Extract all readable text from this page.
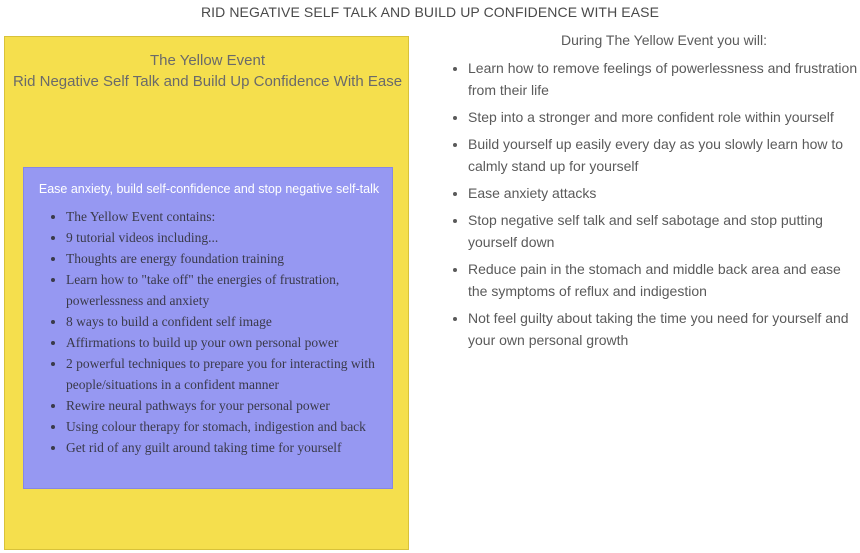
RID NEGATIVE SELF TALK AND BUILD UP CONFIDENCE WITH EASE
The Yellow Event
Rid Negative Self Talk and Build Up Confidence With Ease
Ease anxiety, build self-confidence and stop negative self-talk
• The Yellow Event contains:
• 9 tutorial videos including...
• Thoughts are energy foundation training
• Learn how to "take off" the energies of frustration, powerlessness and anxiety
• 8 ways to build a confident self image
• Affirmations to build up your own personal power
• 2 powerful techniques to prepare you for interacting with people/situations in a confident manner
• Rewire neural pathways for your personal power
• Using colour therapy for stomach, indigestion and back
• Get rid of any guilt around taking time for yourself
During The Yellow Event you will:
• Learn how to remove feelings of powerlessness and frustration from their life
• Step into a stronger and more confident role within yourself
• Build yourself up easily every day as you slowly learn how to calmly stand up for yourself
• Ease anxiety attacks
• Stop negative self talk and self sabotage and stop putting yourself down
• Reduce pain in the stomach and middle back area and ease the symptoms of reflux and indigestion
• Not feel guilty about taking the time you need for yourself and your own personal growth
